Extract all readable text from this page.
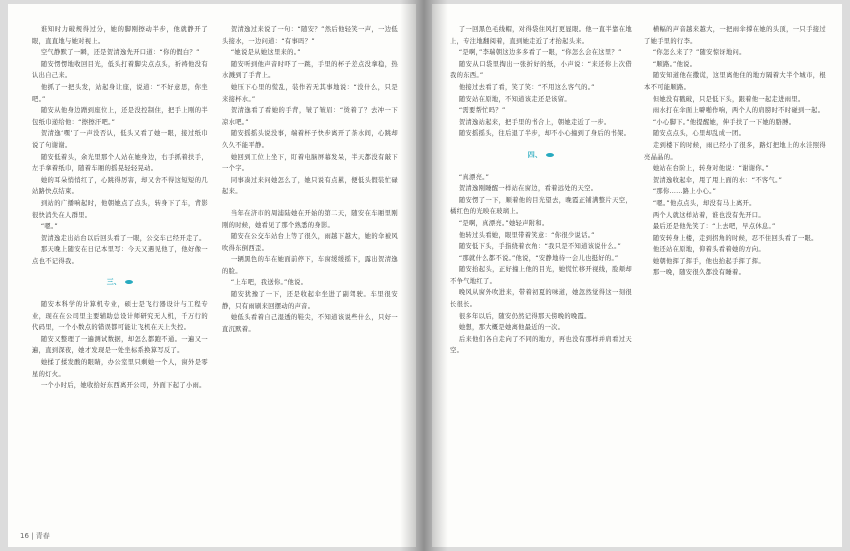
谁知时力破规得过分，她的脚刚擦动半步，他就静开了眼，直直地与她对视上。

空气静默了一瞬，还是贺清逸先开口道：“你的假白？”

随安愣愣地收回目光，低头打着脚尖点点头，祈祷他没有认出自己来。

他抓了一把头发，站起身让座，说道：“不好意思，你坐吧。”

随安从他身边蹭到座位上，还是没控制住，把手上刚的半包纸巾递给他：“擦擦汗吧。”

贺清逸‘嘿’了一声没否认，低头又看了她一眼，接过纸巾说了句谢谢。

随安低着头，余光里那个人站在她身边，右手抓着扶手，左手拿着纸巾，随着车厢的摇晃轻轻晃动。

她的耳朵悄悄红了，心跳得厉害，却又舍不得这短短的几站路快点结束。

到站的广播响起时，他朝她点了点头，转身下了车，背影很快消失在人群里。

“嗯。”

贺清逸走出站台以后回头看了一眼，公交车已经开走了。

那天晚上随安在日记本里写：今天又遇见他了，他好像一点也不记得我。

三、

随安本科学的计算机专业，硕士是飞行器设计与工程专业，现在在公司里主要辅助总设计师研究无人机，千万行的代码里，一个小数点的错误都可能让飞机在天上失控。

随安又整理了一遍测试数据，却怎么都跑不通。一遍又一遍，直到深夜，她才发现是一处坐标系换算写反了。

她揉了揉发酸的眼睛，办公室里只剩她一个人，窗外是零星的灯火。

一个小时后，她收拾好东西离开公司，外面下起了小雨。

贺清逸过来说了一句：“随安？”然后他轻笑一声，一边低头接水，一边问道：“有事吗？”

“她说是从她这里来的。”

随安听到他声音时吓了一跳，手里的杯子差点没拿稳，热水溅到了手背上。

她压下心里的慌乱，装作若无其事地说：“没什么，只是来接杯水。”

贺清逸看了看她的手背，皱了皱眉：“烫着了？去冲一下凉水吧。”

随安摇摇头说没事，端着杯子快步离开了茶水间，心跳却久久不能平静。

她回到工位上坐下，盯着电脑屏幕发呆，半天都没有敲下一个字。

同事凑过来问她怎么了，她只说有点累，便低头假装忙碌起来。

当年在济市的周浦陆她在开始的第二天，随安在车厢里刚刚的时候，她看见了那个熟悉的身影。

随安在公交车站台上等了很久，雨越下越大，她的伞被风吹得东倒西歪。

一辆黑色的车在她面前停下，车窗缓缓摇下，露出贺清逸的脸。

“上车吧，我送你。”他说。

随安犹豫了一下，还是收起伞坐进了副驾驶。车里很安静，只有雨刷来回摆动的声音。

她低头看着自己湿透的鞋尖，不知道该说些什么，只好一直沉默着。

16 | 青春

了一回黑色毛线帽，对得袋住风打更显眼。他一直半靠在地上，专注地翻阅着，直到她走近了才抬起头来。

“是啊，”李瑞朝这边多多看了一眼，“你怎么会在这里？”

随安从口袋里掏出一张折好的纸，小声说：“来还你上次借我的东西。”

他接过去看了看，笑了笑：“不用这么客气的。”

随安站在原地，不知道该走还是该留。

“需要帮忙吗？”

贺清逸站起来，把手里的书合上，朝她走近了一步。

随安摇摇头，往后退了半步，却不小心撞到了身后的书架。

四、

“真漂亮。”

贺清逸刚睡醒一样站在窗边，看着远处的天空。

随安愣了一下，顺着他的目光望去，晚霞正铺满整片天空，橘红色的光映在玻璃上。

“是啊，真漂亮。”她轻声附和。

他转过头看她，眼里带着笑意：“你很少说话。”

随安低下头，手指绕着衣角：“我只是不知道该说什么。”

“那就什么都不说。”他说，“安静地待一会儿也挺好的。”

随安抬起头，正好撞上他的目光，她慌忙移开视线，脸颊却不争气地红了。

晚风从窗外吹进来，带着初夏的味道，她忽然觉得这一刻很长很长。

很多年以后，随安仍然记得那天傍晚的晚霞。

她想，那大概是她离他最近的一次。

后来他们各自走向了不同的地方，再也没有那样并肩看过天空。

横幅的声音越来越大，一把雨伞撑在她的头顶，一只手接过了她手里的行李。

“你怎么来了？”随安惊讶地问。

“顺路。”他说。

随安知道他在撒谎，这里离他住的地方隔着大半个城市，根本不可能顺路。

但她没有戳破，只是低下头，跟着他一起走进雨里。

雨水打在伞面上噼啪作响，两个人的肩膀时不时碰到一起。

“小心脚下。”他提醒她，伸手扶了一下她的胳膊。

随安点点头，心里却乱成一团。

走到楼下的时候，雨已经小了很多，路灯把地上的水洼照得亮晶晶的。

她站在台阶上，转身对他说：“谢谢你。”

贺清逸收起伞，甩了甩上面的水：“不客气。”

“那你……路上小心。”

“嗯。”他点点头，却没有马上离开。

两个人就这样站着，谁也没有先开口。

最后还是他先笑了：“上去吧，早点休息。”

随安转身上楼，走到拐角的时候，忍不住回头看了一眼。

他还站在原地，仰着头看着她的方向。

她朝他挥了挥手，他也抬起手挥了挥。

那一晚，随安很久都没有睡着。
